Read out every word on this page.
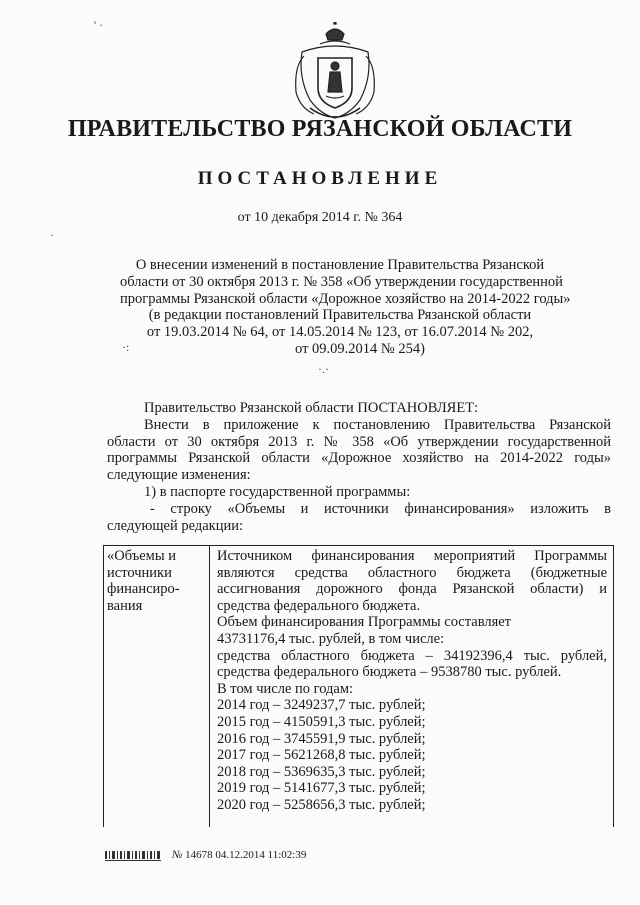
ПРАВИТЕЛЬСТВО РЯЗАНСКОЙ ОБЛАСТИ
ПОСТАНОВЛЕНИЕ
от 10 декабря 2014 г. № 364
О внесении изменений в постановление Правительства Рязанской
области от 30 октября 2013 г. № 358 «Об утверждении государственной
программы Рязанской области «Дорожное хозяйство на 2014-2022 годы»
(в редакции постановлений Правительства Рязанской области
от 19.03.2014 № 64, от 14.05.2014 № 123, от 16.07.2014 № 202,
от 09.09.2014 № 254)
Правительство Рязанской области ПОСТАНОВЛЯЕТ:
Внести в приложение к постановлению Правительства Рязанской
области от 30 октября 2013 г. № 358 «Об утверждении государственной
программы Рязанской области «Дорожное хозяйство на 2014-2022 годы»
следующие изменения:
1) в паспорте государственной программы:
- строку «Объемы и источники финансирования» изложить в
следующей редакции:
«Объемы и
источники
финансиро-
вания
Источником финансирования мероприятий Программы
являются средства областного бюджета (бюджетные
ассигнования дорожного фонда Рязанской области) и
средства федерального бюджета.
Объем финансирования Программы составляет
43731176,4 тыс. рублей, в том числе:
средства областного бюджета – 34192396,4 тыс. рублей,
средства федерального бюджета – 9538780 тыс. рублей.
В том числе по годам:
2014 год – 3249237,7 тыс. рублей;
2015 год – 4150591,3 тыс. рублей;
2016 год – 3745591,9 тыс. рублей;
2017 год – 5621268,8 тыс. рублей;
2018 год – 5369635,3 тыс. рублей;
2019 год – 5141677,3 тыс. рублей;
2020 год – 5258656,3 тыс. рублей;
№ 14678 04.12.2014 11:02:39
' ·
·:
·.·
·
